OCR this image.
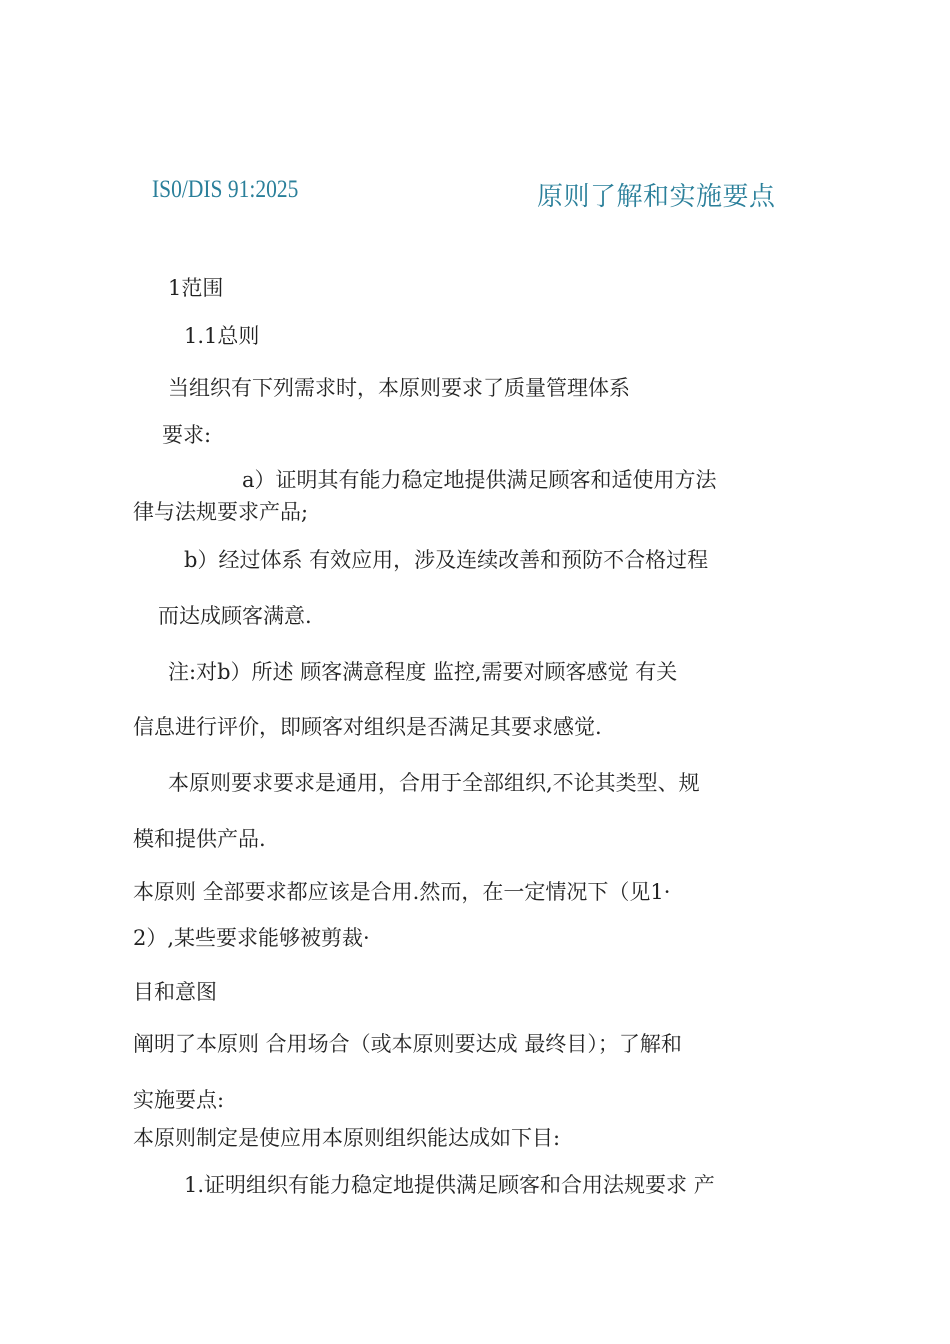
IS0/DIS 91:2025	原则了解和实施要点
1范围
1.1总则
当组织有下列需求时，本原则要求了质量管理体系
要求:
a）证明其有能力稳定地提供满足顾客和适使用方法
律与法规要求产品;
b）经过体系 有效应用，涉及连续改善和预防不合格过程
而达成顾客满意.
注:对b）所述 顾客满意程度 监控,需要对顾客感觉 有关
信息进行评价，即顾客对组织是否满足其要求感觉.
本原则要求要求是通用，合用于全部组织,不论其类型、规
模和提供产品.
本原则 全部要求都应该是合用.然而，在一定情况下（见1·
2）,某些要求能够被剪裁·
目和意图
阐明了本原则 合用场合（或本原则要达成 最终目）；了解和
实施要点:
本原则制定是使应用本原则组织能达成如下目:
1.证明组织有能力稳定地提供满足顾客和合用法规要求 产
